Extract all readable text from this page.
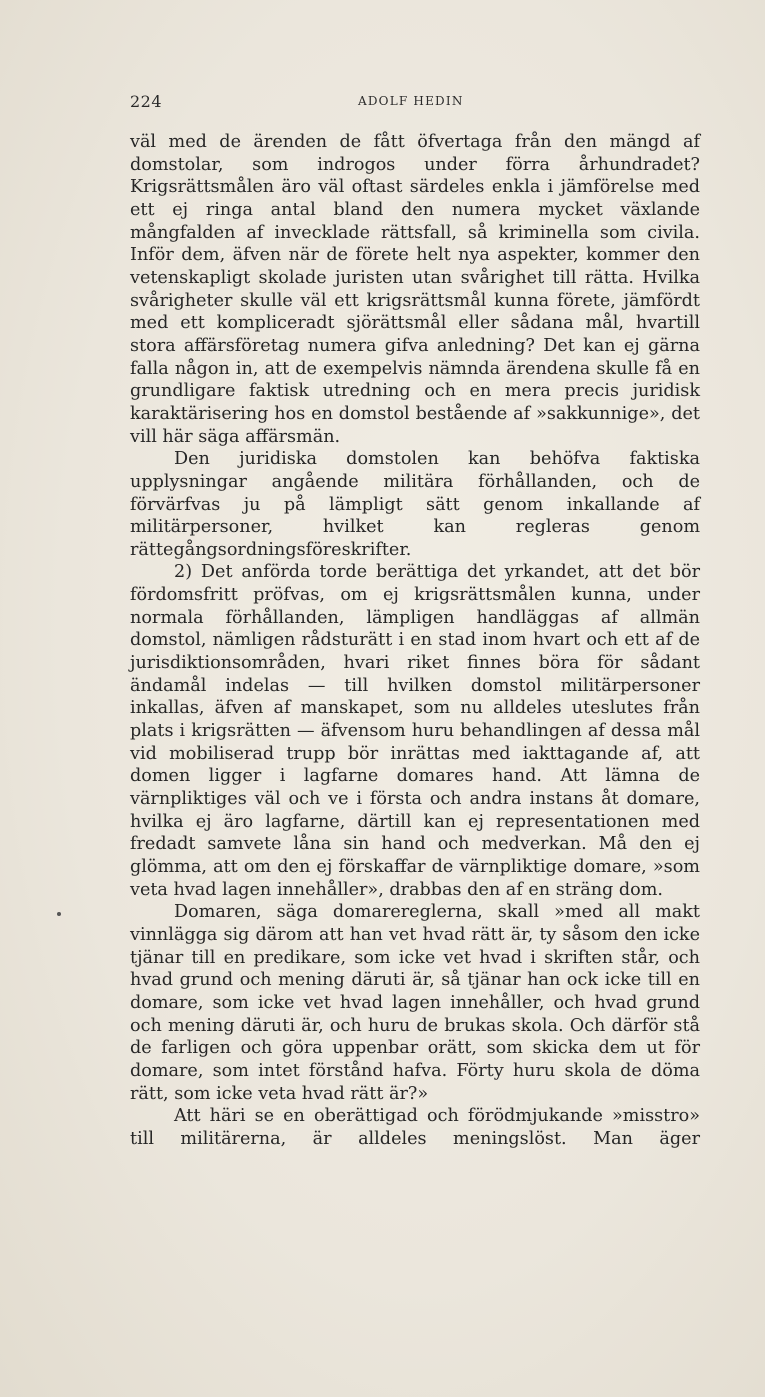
224	ADOLF HEDIN

väl med de ärenden de fått öfvertaga från den mängd af domstolar, som indrogos under förra århundradet? Krigsrättsmålen äro väl oftast särdeles enkla i jämförelse med ett ej ringa antal bland den numera mycket växlande mångfalden af invecklade rättsfall, så kriminella som civila. Inför dem, äfven när de förete helt nya aspekter, kommer den vetenskapligt skolade juristen utan svårighet till rätta. Hvilka svårigheter skulle väl ett krigsrättsmål kunna förete, jämfördt med ett kompliceradt sjörättsmål eller sådana mål, hvartill stora affärsföretag numera gifva anledning? Det kan ej gärna falla någon in, att de exempelvis nämnda ärendena skulle få en grundligare faktisk utredning och en mera precis juridisk karaktärisering hos en domstol bestående af »sakkunnige», det vill här säga affärsmän.

Den juridiska domstolen kan behöfva faktiska upplysningar angående militära förhållanden, och de förvärfvas ju på lämpligt sätt genom inkallande af militärpersoner, hvilket kan regleras genom rättegångsordningsföreskrifter.

2) Det anförda torde berättiga det yrkandet, att det bör fördomsfritt pröfvas, om ej krigsrättsmålen kunna, under normala förhållanden, lämpligen handläggas af allmän domstol, nämligen rådsturätt i en stad inom hvart och ett af de jurisdiktionsområden, hvari riket finnes böra för sådant ändamål indelas — till hvilken domstol militärpersoner inkallas, äfven af manskapet, som nu alldeles uteslutes från plats i krigsrätten — äfvensom huru behandlingen af dessa mål vid mobiliserad trupp bör inrättas med iakttagande af, att domen ligger i lagfarne domares hand. Att lämna de värnpliktiges väl och ve i första och andra instans åt domare, hvilka ej äro lagfarne, därtill kan ej representationen med fredadt samvete låna sin hand och medverkan. Må den ej glömma, att om den ej förskaffar de värnpliktige domare, »som veta hvad lagen innehåller», drabbas den af en sträng dom.

Domaren, säga domarereglerna, skall »med all makt vinnlägga sig därom att han vet hvad rätt är, ty såsom den icke tjänar till en predikare, som icke vet hvad i skriften står, och hvad grund och mening däruti är, så tjänar han ock icke till en domare, som icke vet hvad lagen innehåller, och hvad grund och mening däruti är, och huru de brukas skola. Och därför stå de farligen och göra uppenbar orätt, som skicka dem ut för domare, som intet förstånd hafva. Förty huru skola de döma rätt, som icke veta hvad rätt är?»

Att häri se en oberättigad och förödmjukande »misstro» till militärerna, är alldeles meningslöst. Man äger
